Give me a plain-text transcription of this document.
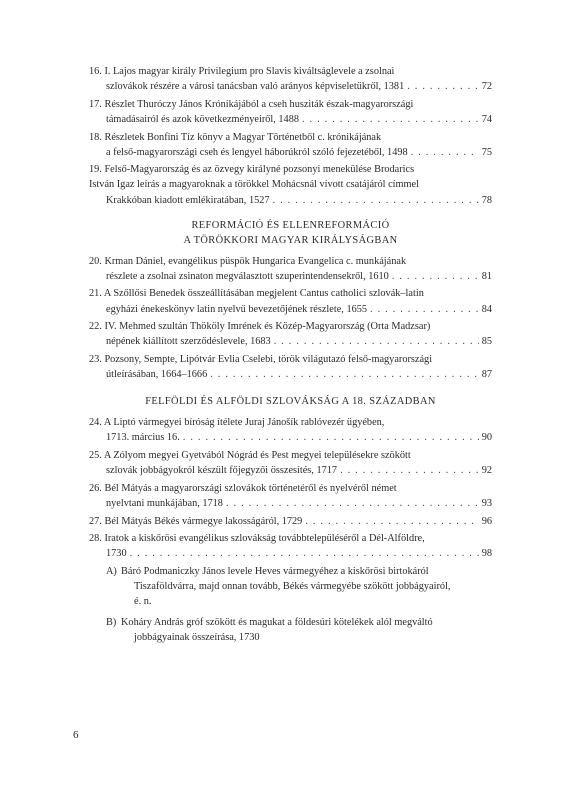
16. I. Lajos magyar király Privilegium pro Slavis kiváltságlevele a zsolnai
szlovákok részére a városi tanácsban való arányos képviseletükről, 1381 . . .	72
17. Részlet Thuróczy János Krónikájából a cseh husziták észak-magyarországi
támadásairól és azok következményeiről, 1488 . . .	74
18. Részletek Bonfini Tíz könyv a Magyar Történetből c. krónikájának
a felső-magyarországi cseh és lengyel háborúkról szóló fejezetéből, 1498 . . .	75
19. Felső-Magyarország és az özvegy királyné pozsonyi menekülése Brodarics
István Igaz leírás a magyaroknak a törökkel Mohácsnál vívott csatájáról címmel
Krakkóban kiadott emlékiratában, 1527 . . .	78
REFORMÁCIÓ ÉS ELLENREFORMÁCIÓ
A TÖRÖKKORI MAGYAR KIRÁLYSÁGBAN
20. Krman Dániel, evangélikus püspök Hungarica Evangelica c. munkájának
részlete a zsolnai zsinaton megválasztott szuperintendensekről, 1610 . . .	81
21. A Szőllősi Benedek összeállításában megjelent Cantus catholici szlovák–latin
egyházi énekeskönyv latin nyelvű bevezetőjének részlete, 1655 . . .	84
22. IV. Mehmed szultán Thököly Imrének és Közép-Magyarország (Orta Madzsar)
népének kiállított szerződéslevele, 1683 . . .	85
23. Pozsony, Sempte, Lipótvár Evlia Cselebi, török világutazó felső-magyarországi
útleírásában, 1664–1666 . . .	87
FELFÖLDI ÉS ALFÖLDI SZLOVÁKSÁG A 18. SZÁZADBAN
24. A Liptó vármegyei bíróság ítélete Juraj Jánošík rablóvezér ügyében,
1713. március 16. . . .	90
25. A Zólyom megyei Gyetvából Nógrád és Pest megyei településekre szökött
szlovák jobbágyokról készült főjegyzői összesítés, 1717 . . .	92
26. Bél Mátyás a magyarországi szlovákok történetéről és nyelvéről német
nyelvtani munkájában, 1718 . . .	93
27. Bél Mátyás Békés vármegye lakosságáról, 1729 . . .	96
28. Iratok a kiskőrösi evangélikus szlovákság továbbtelepüléséről a Dél-Alföldre,
1730 . . .	98
A) Báró Podmaniczky János levele Heves vármegyéhez a kiskőrösi birtokáról
Tiszaföldvárra, majd onnan tovább, Békés vármegyébe szökött jobbágyairól,
é. n.
B) Koháry András gróf szökött és magukat a földesúri kötelékek alól megváltó
jobbágyainak összeírása, 1730
6
